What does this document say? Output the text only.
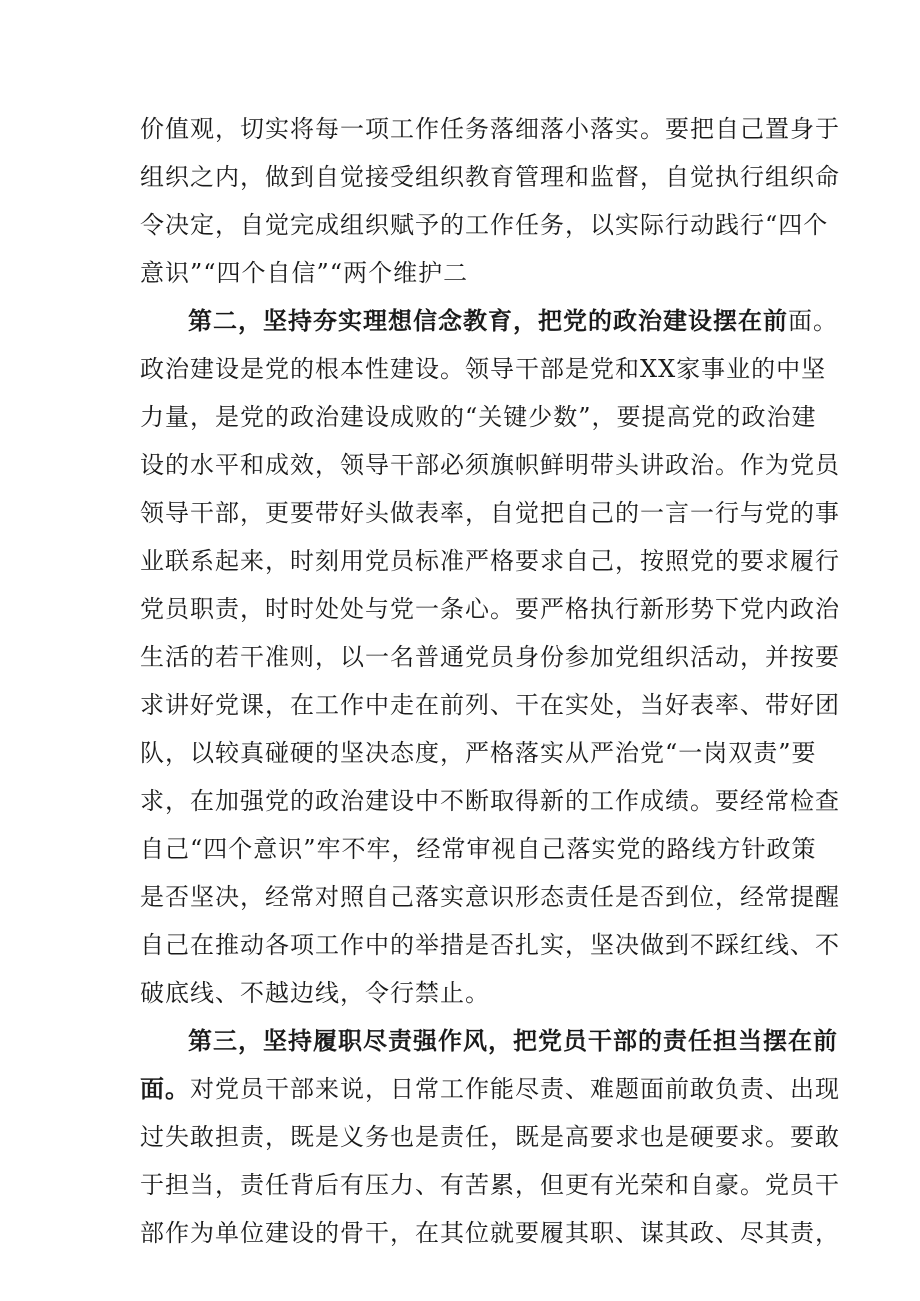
价值观，切实将每一项工作任务落细落小落实。要把自己置身于
组织之内，做到自觉接受组织教育管理和监督，自觉执行组织命
令决定，自觉完成组织赋予的工作任务，以实际行动践行“四个
意识”“四个自信”“两个维护二
第二，坚持夯实理想信念教育，把党的政治建设摆在前面。
政治建设是党的根本性建设。领导干部是党和XX家事业的中坚
力量，是党的政治建设成败的“关键少数”，要提高党的政治建
设的水平和成效，领导干部必须旗帜鲜明带头讲政治。作为党员
领导干部，更要带好头做表率，自觉把自己的一言一行与党的事
业联系起来，时刻用党员标准严格要求自己，按照党的要求履行
党员职责，时时处处与党一条心。要严格执行新形势下党内政治
生活的若干准则，以一名普通党员身份参加党组织活动，并按要
求讲好党课，在工作中走在前列、干在实处，当好表率、带好团
队，以较真碰硬的坚决态度，严格落实从严治党“一岗双责”要
求，在加强党的政治建设中不断取得新的工作成绩。要经常检查
自己“四个意识”牢不牢，经常审视自己落实党的路线方针政策
是否坚决，经常对照自己落实意识形态责任是否到位，经常提醒
自己在推动各项工作中的举措是否扎实，坚决做到不踩红线、不
破底线、不越边线，令行禁止。
第三，坚持履职尽责强作风，把党员干部的责任担当摆在前
面。对党员干部来说，日常工作能尽责、难题面前敢负责、出现
过失敢担责，既是义务也是责任，既是高要求也是硬要求。要敢
于担当，责任背后有压力、有苦累，但更有光荣和自豪。党员干
部作为单位建设的骨干，在其位就要履其职、谋其政、尽其责，
